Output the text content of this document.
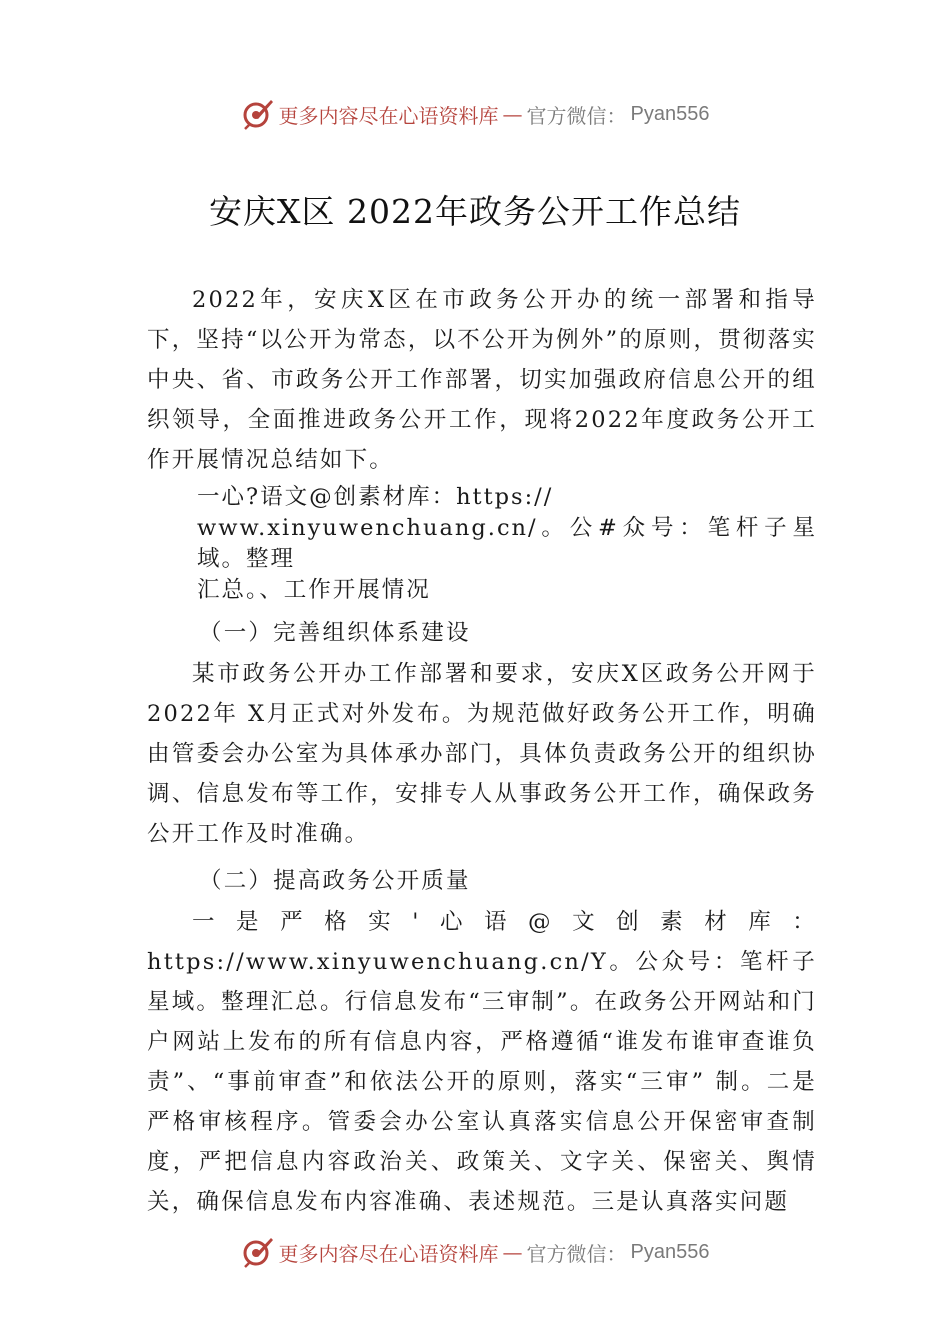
更多内容尽在心语资料库 — 官方微信： Pyan556
安庆X区 2022年政务公开工作总结

2022年，安庆X区在市政务公开办的统一部署和指导下，坚持“以公开为常态，以不公开为例外”的原则，贯彻落实中央、省、市政务公开工作部署，切实加强政府信息公开的组织领导，全面推进政务公开工作，现将2022年度政务公开工作开展情况总结如下。

一心?语文@创素材库：https://
www.xinyuwenchuang.cn/。公#众号：笔杆子星域。整理
汇总。、工作开展情况

（一）完善组织体系建设

某市政务公开办工作部署和要求，安庆X区政务公开网于 2022年 X月正式对外发布。为规范做好政务公开工作，明确由管委会办公室为具体承办部门，具体负责政务公开的组织协调、信息发布等工作，安排专人从事政务公开工作，确保政务公开工作及时准确。

（二）提高政务公开质量

一是严格实'心语@文创素材库：https://www.xinyuwenchuang.cn/Y。公众号：笔杆子星域。整理汇总。行信息发布“三审制”。在政务公开网站和门户网站上发布的所有信息内容，严格遵循“谁发布谁审查谁负责”、“事前审查”和依法公开的原则，落实“三审” 制。二是严格审核程序。管委会办公室认真落实信息公开保密审查制度，严把信息内容政治关、政策关、文字关、保密关、舆情关，确保信息发布内容准确、表述规范。三是认真落实问题

更多内容尽在心语资料库 — 官方微信： Pyan556
